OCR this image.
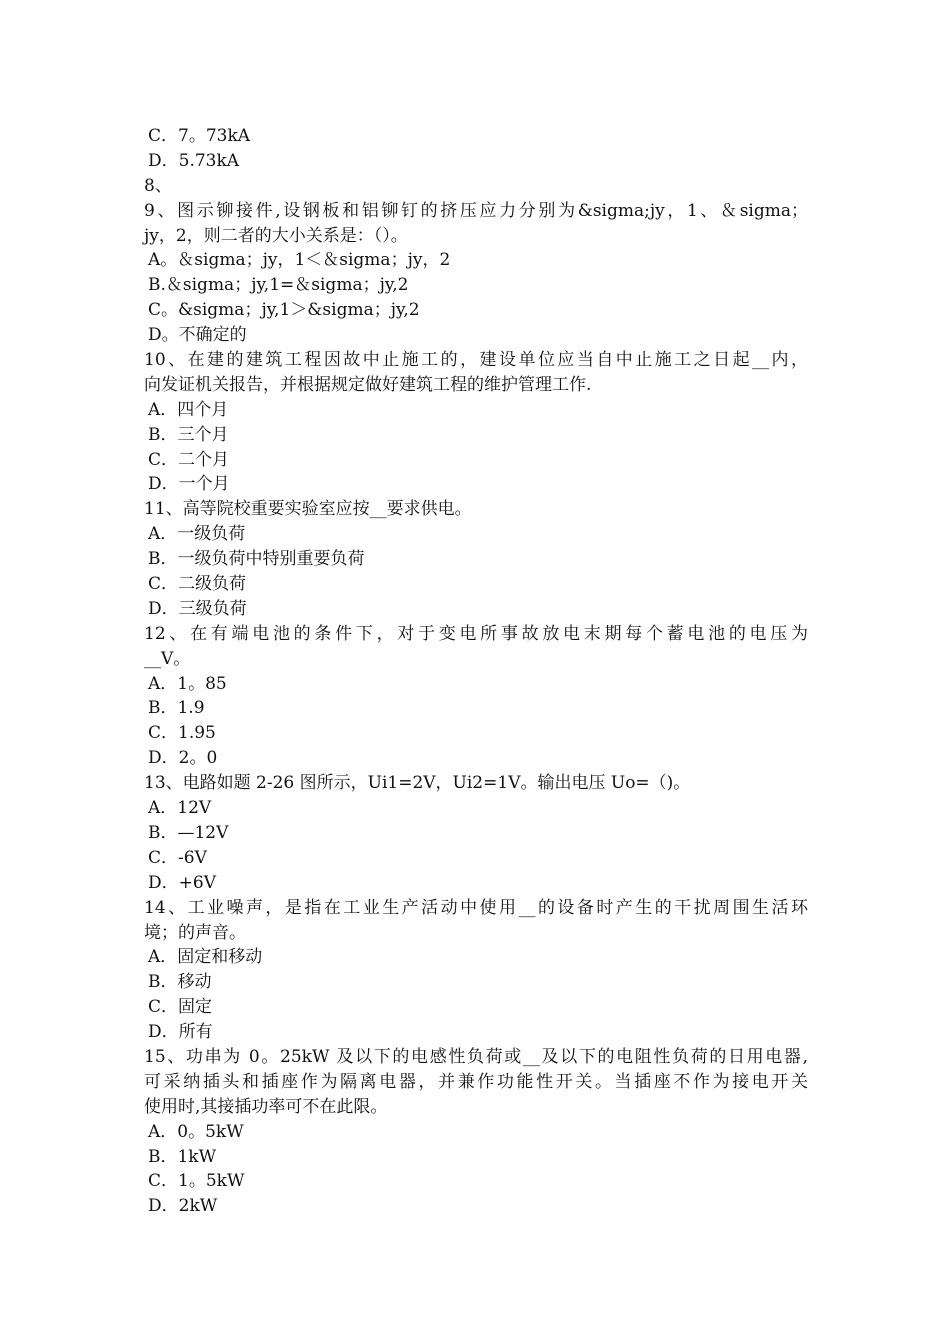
C．7。73kA
D．5.73kA
8、
9、图示铆接件,设钢板和铝铆钉的挤压应力分别为&sigma;jy，1、＆sigma；
jy，2，则二者的大小关系是：（）。
A。＆sigma；jy，1＜＆sigma；jy，2
B.＆sigma；jy,1=＆sigma；jy,2
C。&sigma；jy,1＞&sigma；jy,2
D。不确定的
10、在建的建筑工程因故中止施工的，建设单位应当自中止施工之日起__内，
向发证机关报告，并根据规定做好建筑工程的维护管理工作.
A．四个月
B．三个月
C．二个月
D．一个月
11、高等院校重要实验室应按__要求供电。
A．一级负荷
B．一级负荷中特别重要负荷
C．二级负荷
D．三级负荷
12、在有端电池的条件下，对于变电所事故放电末期每个蓄电池的电压为
__V。
A．1。85
B．1.9
C．1.95
D．2。0
13、电路如题 2-26 图所示，Ui1=2V，Ui2=1V。输出电压 Uo=（)。
A．12V
B．—12V
C．-6V
D．+6V
14、工业噪声，是指在工业生产活动中使用__的设备时产生的干扰周围生活环
境；的声音。
A．固定和移动
B．移动
C．固定
D．所有
15、功串为 0。25kW 及以下的电感性负荷或__及以下的电阻性负荷的日用电器,
可采纳插头和插座作为隔离电器，并兼作功能性开关。当插座不作为接电开关
使用时,其接插功率可不在此限。
A．0。5kW
B．1kW
C．1。5kW
D．2kW
